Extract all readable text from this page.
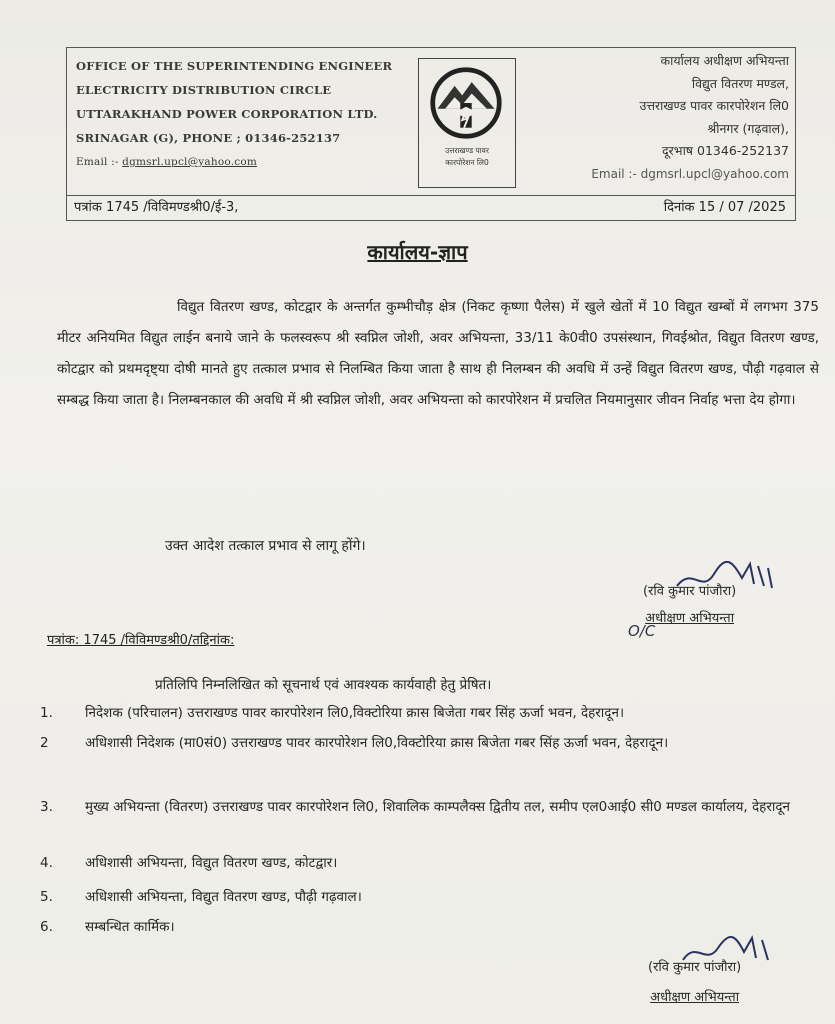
OFFICE OF THE SUPERINTENDING ENGINEER
ELECTRICITY DISTRIBUTION CIRCLE
UTTARAKHAND POWER CORPORATION LTD.
SRINAGAR (G), PHONE ; 01346-252137
Email :- dgmsrl.upcl@yahoo.com
उत्तराखण्ड पावर
कारपोरेशन लि0
कार्यालय अधीक्षण अभियन्ता
विद्युत वितरण मण्डल,
उत्तराखण्ड पावर कारपोरेशन लि0
श्रीनगर (गढ़वाल),
दूरभाष 01346-252137
Email :- dgmsrl.upcl@yahoo.com
पत्रांक 1745 /विविमण्डश्री0/ई-3,	दिनांक 15 / 07 /2025
कार्यालय-ज्ञाप
विद्युत वितरण खण्ड, कोटद्वार के अन्तर्गत कुम्भीचौड़ क्षेत्र (निकट कृष्णा पैलेस) में खुले खेतों में 10 विद्युत खम्बों में लगभग 375 मीटर अनियमित विद्युत लाईन बनाये जाने के फलस्वरूप श्री स्वप्निल जोशी, अवर अभियन्ता, 33/11 के0वी0 उपसंस्थान, गिवईश्रोत, विद्युत वितरण खण्ड, कोटद्वार को प्रथमदृष्ट्या दोषी मानते हुए तत्काल प्रभाव से निलम्बित किया जाता है साथ ही निलम्बन की अवधि में उन्हें विद्युत वितरण खण्ड, पौढ़ी गढ़वाल से सम्बद्ध किया जाता है। निलम्बनकाल की अवधि में श्री स्वप्निल जोशी, अवर अभियन्ता को कारपोरेशन में प्रचलित नियमानुसार जीवन निर्वाह भत्ता देय होगा।
उक्त आदेश तत्काल प्रभाव से लागू होंगे।
(रवि कुमार पांजौरा)
अधीक्षण अभियन्ता
O/C
पत्रांक: 1745 /विविमण्डश्री0/तद्दिनांक:
प्रतिलिपि निम्नलिखित को सूचनार्थ एवं आवश्यक कार्यवाही हेतु प्रेषित।
1.	निदेशक (परिचालन) उत्तराखण्ड पावर कारपोरेशन लि0,विक्टोरिया क्रास बिजेता गबर सिंह ऊर्जा भवन, देहरादून।
2	अधिशासी निदेशक (मा0सं0) उत्तराखण्ड पावर कारपोरेशन लि0,विक्टोरिया क्रास बिजेता गबर सिंह ऊर्जा भवन, देहरादून।
3.	मुख्य अभियन्ता (वितरण) उत्तराखण्ड पावर कारपोरेशन लि0, शिवालिक काम्पलैक्स द्वितीय तल, समीप एल0आई0 सी0 मण्डल कार्यालय, देहरादून
4.	अधिशासी अभियन्ता, विद्युत वितरण खण्ड, कोटद्वार।
5.	अधिशासी अभियन्ता, विद्युत वितरण खण्ड, पौढ़ी गढ़वाल।
6.	सम्बन्धित कार्मिक।
(रवि कुमार पांजौरा)
अधीक्षण अभियन्ता
